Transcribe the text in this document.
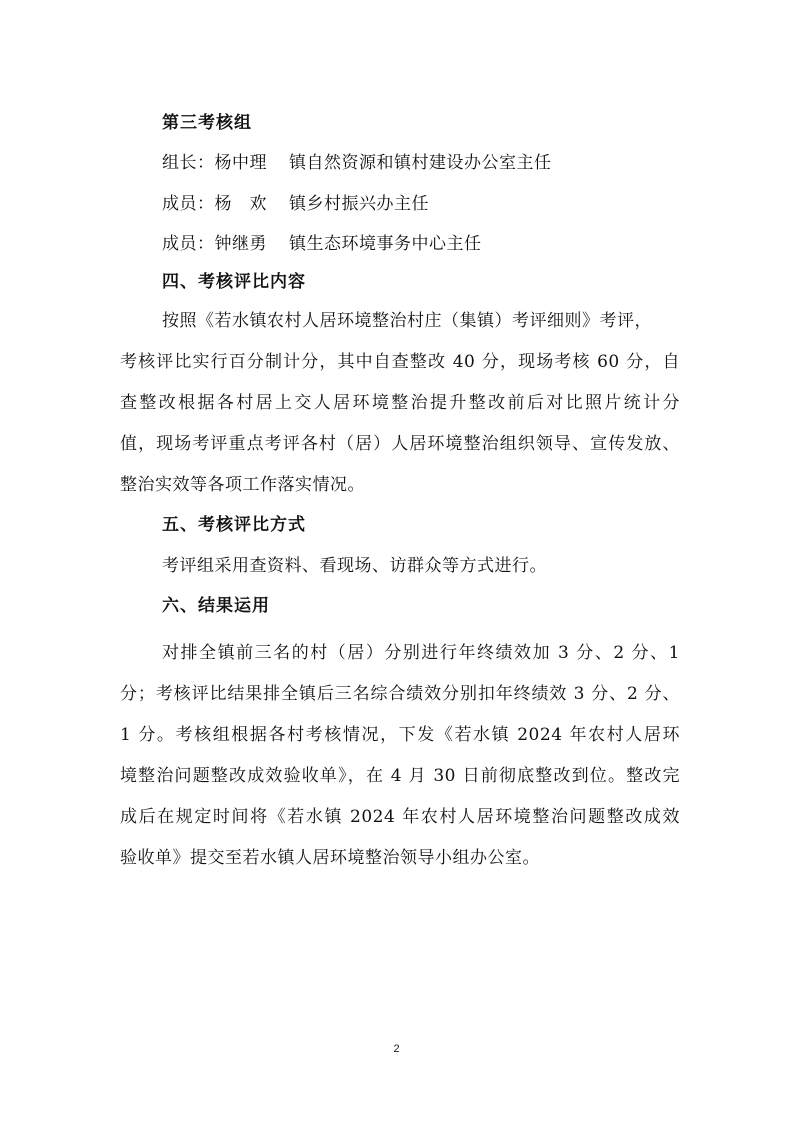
第三考核组
组长：杨中理 镇自然资源和镇村建设办公室主任
成员：杨　欢 镇乡村振兴办主任
成员：钟继勇 镇生态环境事务中心主任
四、考核评比内容
按照《若水镇农村人居环境整治村庄（集镇）考评细则》考评，
考核评比实行百分制计分，其中自查整改 40 分，现场考核 60 分，自
查整改根据各村居上交人居环境整治提升整改前后对比照片统计分
值，现场考评重点考评各村（居）人居环境整治组织领导、宣传发放、
整治实效等各项工作落实情况。
五、考核评比方式
考评组采用查资料、看现场、访群众等方式进行。
六、结果运用
对排全镇前三名的村（居）分别进行年终绩效加 3 分、2 分、1
分；考核评比结果排全镇后三名综合绩效分别扣年终绩效 3 分、2 分、
1 分。考核组根据各村考核情况，下发《若水镇 2024 年农村人居环
境整治问题整改成效验收单》，在 4 月 30 日前彻底整改到位。整改完
成后在规定时间将《若水镇 2024 年农村人居环境整治问题整改成效
验收单》提交至若水镇人居环境整治领导小组办公室。
2
